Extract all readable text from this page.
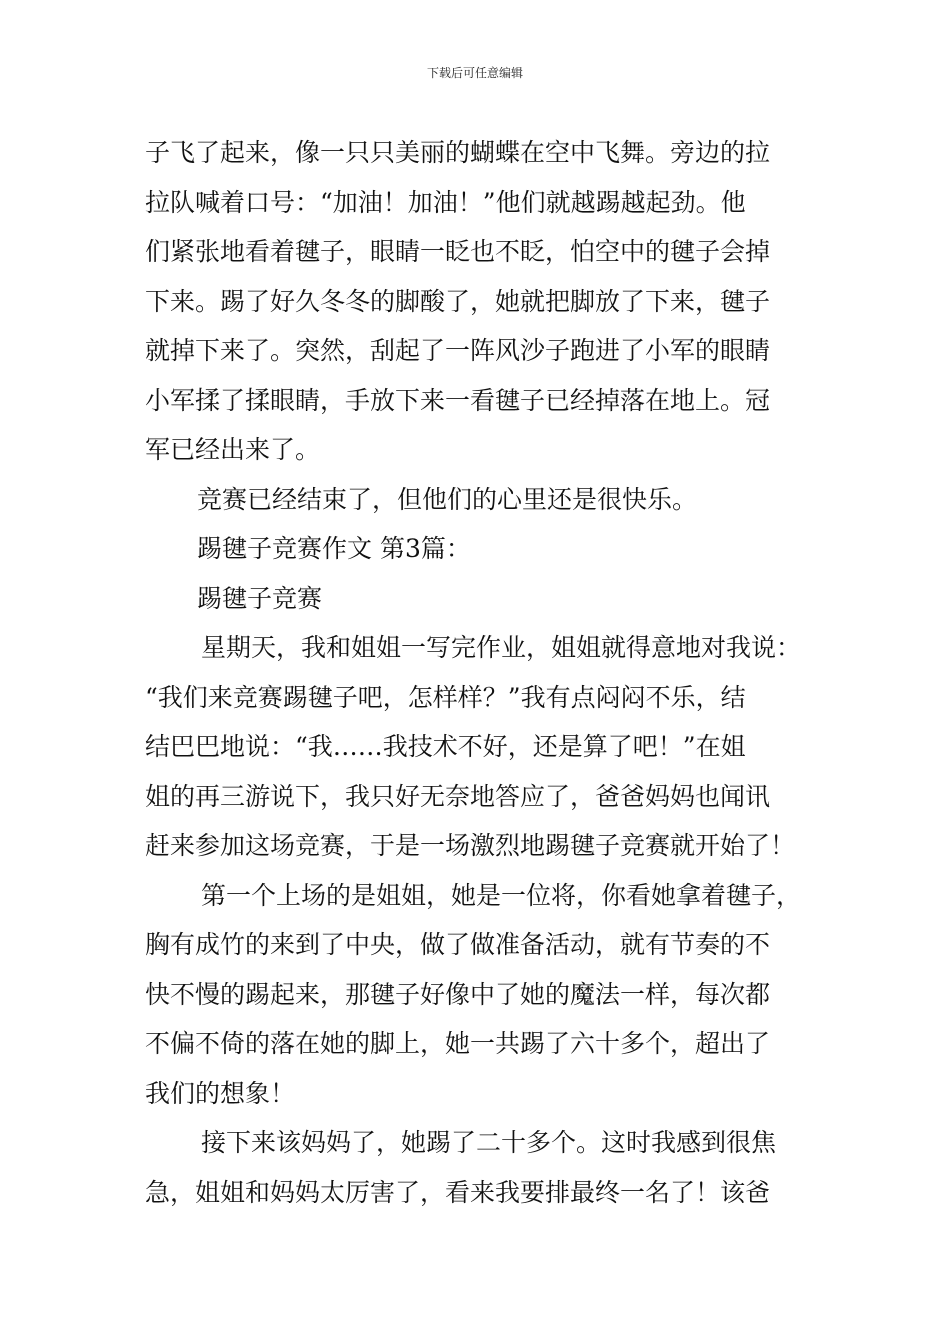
下载后可任意编辑
子飞了起来，像一只只美丽的蝴蝶在空中飞舞。旁边的拉
拉队喊着口号：“加油！加油！”他们就越踢越起劲。他
们紧张地看着毽子，眼睛一眨也不眨，怕空中的毽子会掉
下来。踢了好久冬冬的脚酸了，她就把脚放了下来，毽子
就掉下来了。突然，刮起了一阵风沙子跑进了小军的眼睛
小军揉了揉眼睛，手放下来一看毽子已经掉落在地上。冠
军已经出来了。
竞赛已经结束了，但他们的心里还是很快乐。
踢毽子竞赛作文 第3篇：
踢毽子竞赛
星期天，我和姐姐一写完作业，姐姐就得意地对我说：
“我们来竞赛踢毽子吧，怎样样？”我有点闷闷不乐，结
结巴巴地说：“我……我技术不好，还是算了吧！”在姐
姐的再三游说下，我只好无奈地答应了，爸爸妈妈也闻讯
赶来参加这场竞赛，于是一场激烈地踢毽子竞赛就开始了！
第一个上场的是姐姐，她是一位将，你看她拿着毽子，
胸有成竹的来到了中央，做了做准备活动，就有节奏的不
快不慢的踢起来，那毽子好像中了她的魔法一样，每次都
不偏不倚的落在她的脚上，她一共踢了六十多个，超出了
我们的想象！
接下来该妈妈了，她踢了二十多个。这时我感到很焦
急，姐姐和妈妈太厉害了，看来我要排最终一名了！该爸
